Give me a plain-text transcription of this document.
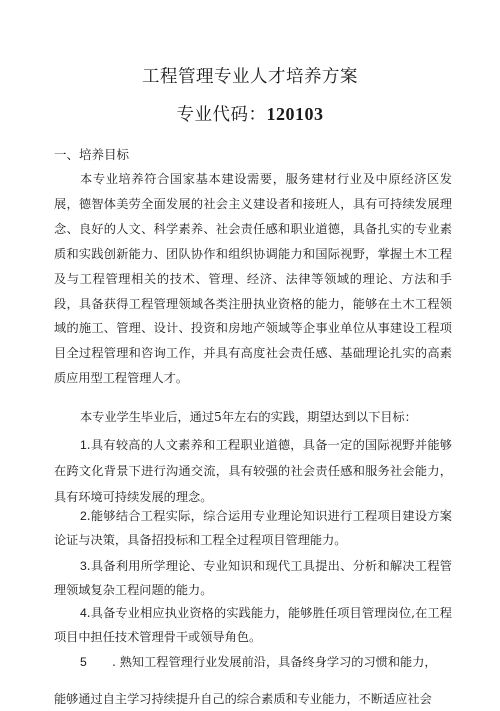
工程管理专业人才培养方案
专业代码：120103
一、培养目标

本专业培养符合国家基本建设需要，服务建材行业及中原经济区发展，德智体美劳全面发展的社会主义建设者和接班人，具有可持续发展理念、良好的人文、科学素养、社会责任感和职业道德，具备扎实的专业素质和实践创新能力、团队协作和组织协调能力和国际视野，掌握土木工程及与工程管理相关的技术、管理、经济、法律等领域的理论、方法和手段，具备获得工程管理领域各类注册执业资格的能力，能够在土木工程领域的施工、管理、设计、投资和房地产领域等企事业单位从事建设工程项目全过程管理和咨询工作，并具有高度社会责任感、基础理论扎实的高素质应用型工程管理人才。

本专业学生毕业后，通过5年左右的实践，期望达到以下目标：

1.具有较高的人文素养和工程职业道德，具备一定的国际视野并能够在跨文化背景下进行沟通交流，具有较强的社会责任感和服务社会能力，具有环境可持续发展的理念。

2.能够结合工程实际，综合运用专业理论知识进行工程项目建设方案论证与决策，具备招投标和工程全过程项目管理能力。

3.具备利用所学理论、专业知识和现代工具提出、分析和解决工程管理领域复杂工程问题的能力。

4.具备专业相应执业资格的实践能力，能够胜任项目管理岗位,在工程项目中担任技术管理骨干或领导角色。

5 . 熟知工程管理行业发展前沿，具备终身学习的习惯和能力，
能够通过自主学习持续提升自己的综合素质和专业能力，不断适应社会
